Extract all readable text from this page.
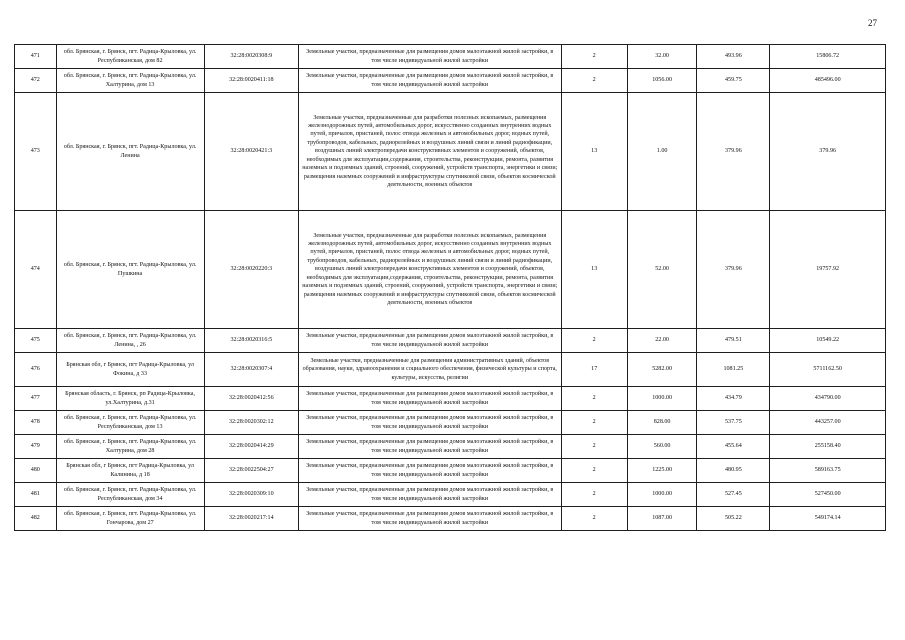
27
471	обл. Брянская, г. Брянск, пгт. Радица-Крыловка, ул. Республиканская, дом 82	32:28:0020308:9	Земельные участки, предназначенные для размещения домов малоэтажной жилой застройки, в том числе индивидуальной жилой застройки	2	32.00	493.96	15806.72
472	обл. Брянская, г. Брянск, пгт. Радица-Крыловка, ул. Халтурина, дом 13	32:28:0020411:18	Земельные участки, предназначенные для размещения домов малоэтажной жилой застройки, в том числе индивидуальной жилой застройки	2	1056.00	459.75	485496.00
473	обл. Брянская, г. Брянск, пгт. Радица-Крыловка, ул. Ленина	32:28:0020421:3	Земельные участки, предназначенные для разработки полезных ископаемых, размещения железнодорожных путей, автомобильных дорог, искусственно созданных внутренних водных путей, причалов, пристаней, полос отвода железных и автомобильных дорог, водных путей, трубопроводов, кабельных, радиорелейных и воздушных линий связи и линий радиофикации, воздушных линий электропередачи конструктивных элементов и сооружений, объектов, необходимых для эксплуатации,содержания, строительства, реконструкции, ремонта, развития наземных и подземных зданий, строений, сооружений, устройств транспорта, энергетики и связи; размещения наземных сооружений и инфраструктуры спутниковой связи, объектов космической деятельности, военных объектов	13	1.00	379.96	379.96
474	обл. Брянская, г. Брянск, пгт. Радица-Крыловка, ул. Пушкина	32:28:0020220:3	Земельные участки, предназначенные для разработки полезных ископаемых, размещения железнодорожных путей, автомобильных дорог, искусственно созданных внутренних водных путей, причалов, пристаней, полос отвода железных и автомобильных дорог, водных путей, трубопроводов, кабельных, радиорелейных и воздушных линий связи и линий радиофикации, воздушных линий электропередачи конструктивных элементов и сооружений, объектов, необходимых для эксплуатации,содержания, строительства, реконструкции, ремонта, развития наземных и подземных зданий, строений, сооружений, устройств транспорта, энергетики и связи; размещения наземных сооружений и инфраструктуры спутниковой связи, объектов космической деятельности, военных объектов	13	52.00	379.96	19757.92
475	обл. Брянская, г. Брянск, пгт. Радица-Крыловка, ул. Ленина, , 26	32:28:0020316:5	Земельные участки, предназначенные для размещения домов малоэтажной жилой застройки, в том числе индивидуальной жилой застройки	2	22.00	479.51	10549.22
476	Брянская обл, г Брянск, пгт Радица-Крыловка, ул Фокина, д 33	32:28:0020307:4	Земельные участки, предназначенные для размещения административных зданий, объектов образования, науки, здравоохранения и социального обеспечения, физической культуры и спорта, культуры, искусства, религии	17	5282.00	1081.25	5711162.50
477	Брянская область, г. Брянск, рп Радица-Крыловка, ул.Халтурина, д.31	32:28:0020412:56	Земельные участки, предназначенные для размещения домов малоэтажной жилой застройки, в том числе индивидуальной жилой застройки	2	1000.00	434.79	434790.00
478	обл. Брянская, г. Брянск, пгт. Радица-Крыловка, ул. Республиканская, дом 13	32:28:0020302:12	Земельные участки, предназначенные для размещения домов малоэтажной жилой застройки, в том числе индивидуальной жилой застройки	2	828.00	537.75	443257.00
479	обл. Брянская, г. Брянск, пгт. Радица-Крыловка, ул. Халтурина, дом 28	32:28:0020414:29	Земельные участки, предназначенные для размещения домов малоэтажной жилой застройки, в том числе индивидуальной жилой застройки	2	560.00	455.64	255158.40
480	Брянская обл, г Брянск, пгт Радица-Крыловка, ул Калинина, д 18	32:28:0022504:27	Земельные участки, предназначенные для размещения домов малоэтажной жилой застройки, в том числе индивидуальной жилой застройки	2	1225.00	480.95	589163.75
481	обл. Брянская, г. Брянск, пгт. Радица-Крыловка, ул. Республиканская, дом 34	32:28:0020309:10	Земельные участки, предназначенные для размещения домов малоэтажной жилой застройки, в том числе индивидуальной жилой застройки	2	1000.00	527.45	527450.00
482	обл. Брянская, г. Брянск, пгт. Радица-Крыловка, ул. Гончарова, дом 27	32:28:0020217:14	Земельные участки, предназначенные для размещения домов малоэтажной жилой застройки, в том числе индивидуальной жилой застройки	2	1087.00	505.22	549174.14
